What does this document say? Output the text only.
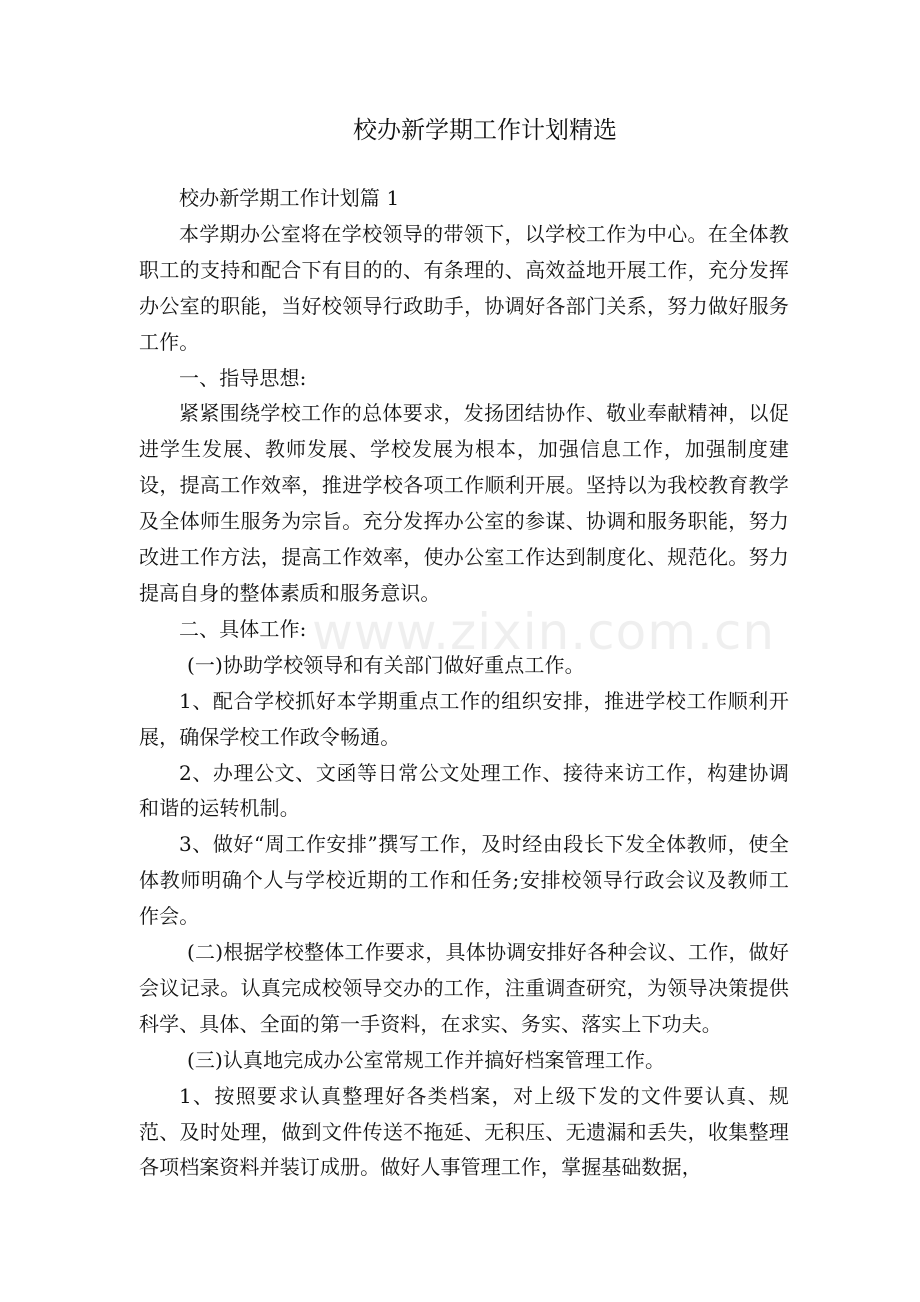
校办新学期工作计划精选

校办新学期工作计划篇 1

本学期办公室将在学校领导的带领下，以学校工作为中心。在全体教职工的支持和配合下有目的的、有条理的、高效益地开展工作，充分发挥办公室的职能，当好校领导行政助手，协调好各部门关系，努力做好服务工作。

一、指导思想:

紧紧围绕学校工作的总体要求，发扬团结协作、敬业奉献精神，以促进学生发展、教师发展、学校发展为根本，加强信息工作，加强制度建设，提高工作效率，推进学校各项工作顺利开展。坚持以为我校教育教学及全体师生服务为宗旨。充分发挥办公室的参谋、协调和服务职能，努力改进工作方法，提高工作效率，使办公室工作达到制度化、规范化。努力提高自身的整体素质和服务意识。

二、具体工作:

(一)协助学校领导和有关部门做好重点工作。

1、配合学校抓好本学期重点工作的组织安排，推进学校工作顺利开展，确保学校工作政令畅通。

2、办理公文、文函等日常公文处理工作、接待来访工作，构建协调和谐的运转机制。

3、做好“周工作安排”撰写工作，及时经由段长下发全体教师，使全体教师明确个人与学校近期的工作和任务;安排校领导行政会议及教师工作会。

(二)根据学校整体工作要求，具体协调安排好各种会议、工作，做好会议记录。认真完成校领导交办的工作，注重调查研究，为领导决策提供科学、具体、全面的第一手资料，在求实、务实、落实上下功夫。

(三)认真地完成办公室常规工作并搞好档案管理工作。

1、按照要求认真整理好各类档案，对上级下发的文件要认真、规范、及时处理，做到文件传送不拖延、无积压、无遗漏和丢失，收集整理各项档案资料并装订成册。做好人事管理工作，掌握基础数据，

www.zixin.com.cn
